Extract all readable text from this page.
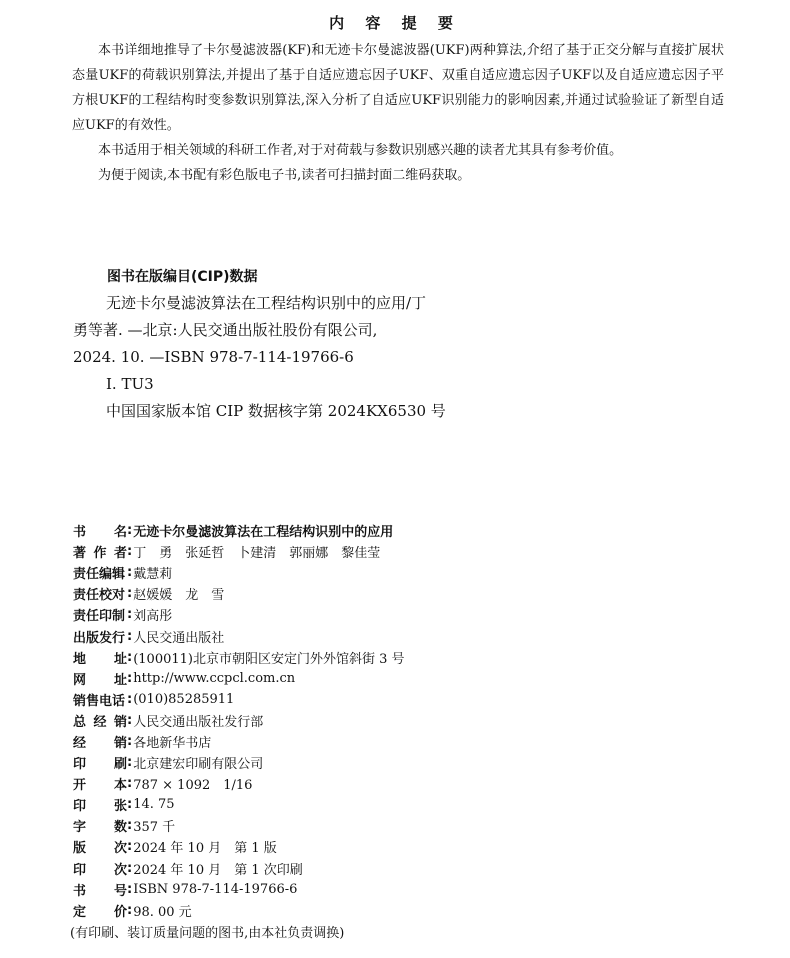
内 容 提 要

本书详细地推导了卡尔曼滤波器(KF)和无迹卡尔曼滤波器(UKF)两种算法,介绍了基于正交分解与直接扩展状态量UKF的荷载识别算法,并提出了基于自适应遗忘因子UKF、双重自适应遗忘因子UKF以及自适应遗忘因子平方根UKF的工程结构时变参数识别算法,深入分析了自适应UKF识别能力的影响因素,并通过试验验证了新型自适应UKF的有效性。

本书适用于相关领域的科研工作者,对于对荷载与参数识别感兴趣的读者尤其具有参考价值。

为便于阅读,本书配有彩色版电子书,读者可扫描封面二维码获取。

图书在版编目(CIP)数据
无迹卡尔曼滤波算法在工程结构识别中的应用/丁
勇等著. —北京:人民交通出版社股份有限公司,
2024. 10. —ISBN 978-7-114-19766-6
Ⅰ. TU3
中国国家版本馆 CIP 数据核字第 2024KX6530 号
书 名 : 无迹卡尔曼滤波算法在工程结构识别中的应用
著 作 者 : 丁　勇　张延哲　卜建清　郭丽娜　黎佳莹
责任编辑 : 戴慧莉
责任校对 : 赵媛媛　龙　雪
责任印制 : 刘高彤
出版发行 : 人民交通出版社
地 址 : (100011)北京市朝阳区安定门外外馆斜街 3 号
网 址 : http://www.ccpcl.com.cn
销售电话 : (010)85285911
总 经 销 : 人民交通出版社发行部
经 销 : 各地新华书店
印 刷 : 北京建宏印刷有限公司
开 本 : 787 × 1092　1/16
印 张 : 14. 75
字 数 : 357 千
版 次 : 2024 年 10 月　第 1 版
印 次 : 2024 年 10 月　第 1 次印刷
书 号 : ISBN 978-7-114-19766-6
定 价 : 98. 00 元
(有印刷、装订质量问题的图书,由本社负责调换)
